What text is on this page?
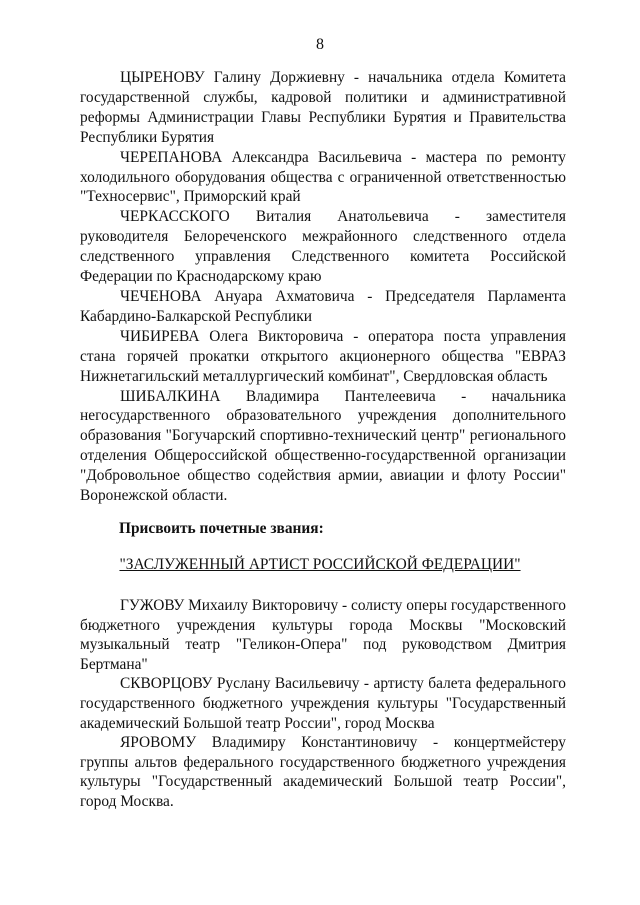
8

ЦЫРЕНОВУ Галину Доржиевну - начальника отдела Комитета государственной службы, кадровой политики и административной реформы Администрации Главы Республики Бурятия и Правительства Республики Бурятия

ЧЕРЕПАНОВА Александра Васильевича - мастера по ремонту холодильного оборудования общества с ограниченной ответственностью "Техносервис", Приморский край

ЧЕРКАССКОГО Виталия Анатольевича - заместителя руководителя Белореченского межрайонного следственного отдела следственного управления Следственного комитета Российской Федерации по Краснодарскому краю

ЧЕЧЕНОВА Ануара Ахматовича - Председателя Парламента Кабардино-Балкарской Республики

ЧИБИРЕВА Олега Викторовича - оператора поста управления стана горячей прокатки открытого акционерного общества "ЕВРАЗ Нижнетагильский металлургический комбинат", Свердловская область

ШИБАЛКИНА Владимира Пантелеевича - начальника негосударственного образовательного учреждения дополнительного образования "Богучарский спортивно-технический центр" регионального отделения Общероссийской общественно-государственной организации "Добровольное общество содействия армии, авиации и флоту России" Воронежской области.

Присвоить почетные звания:

"ЗАСЛУЖЕННЫЙ АРТИСТ РОССИЙСКОЙ ФЕДЕРАЦИИ"

ГУЖОВУ Михаилу Викторовичу - солисту оперы государственного бюджетного учреждения культуры города Москвы "Московский музыкальный театр "Геликон-Опера" под руководством Дмитрия Бертмана"

СКВОРЦОВУ Руслану Васильевичу - артисту балета федерального государственного бюджетного учреждения культуры "Государственный академический Большой театр России", город Москва

ЯРОВОМУ Владимиру Константиновичу - концертмейстеру группы альтов федерального государственного бюджетного учреждения культуры "Государственный академический Большой театр России", город Москва.
